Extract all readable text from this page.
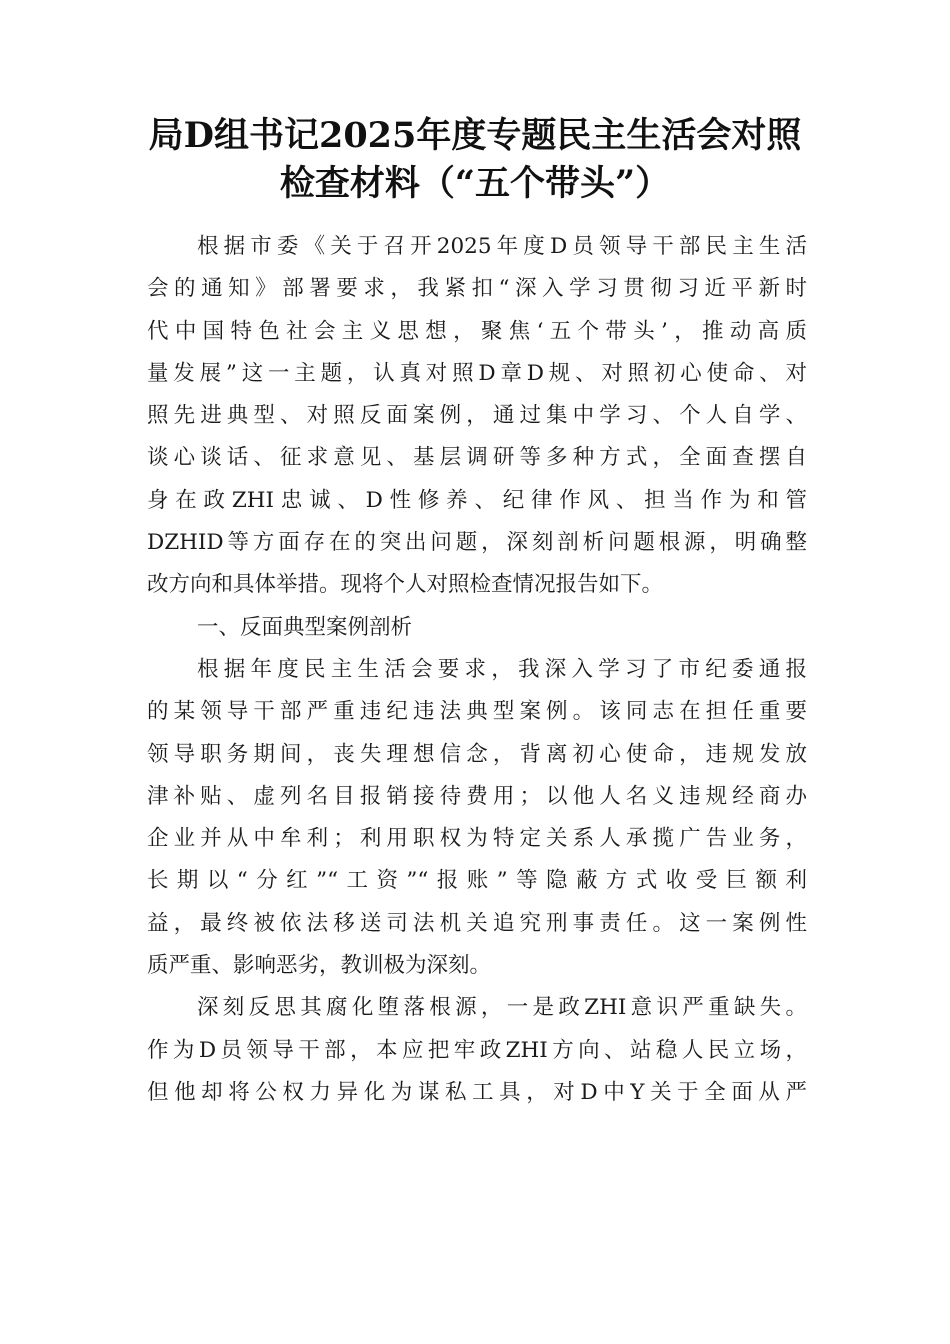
局D组书记2025年度专题民主生活会对照
检查材料（“五个带头”）
根据市委《关于召开2025年度D员领导干部民主生活
会的通知》部署要求，我紧扣“深入学习贯彻习近平新时
代中国特色社会主义思想，聚焦‘五个带头’，推动高质
量发展”这一主题，认真对照D章D规、对照初心使命、对
照先进典型、对照反面案例，通过集中学习、个人自学、
谈心谈话、征求意见、基层调研等多种方式，全面查摆自
身在政ZHI忠诚、D性修养、纪律作风、担当作为和管
DZHID等方面存在的突出问题，深刻剖析问题根源，明确整
改方向和具体举措。现将个人对照检查情况报告如下。
一、反面典型案例剖析
根据年度民主生活会要求，我深入学习了市纪委通报
的某领导干部严重违纪违法典型案例。该同志在担任重要
领导职务期间，丧失理想信念，背离初心使命，违规发放
津补贴、虚列名目报销接待费用；以他人名义违规经商办
企业并从中牟利；利用职权为特定关系人承揽广告业务，
长期以“分红”“工资”“报账”等隐蔽方式收受巨额利
益，最终被依法移送司法机关追究刑事责任。这一案例性
质严重、影响恶劣，教训极为深刻。
深刻反思其腐化堕落根源，一是政ZHI意识严重缺失。
作为D员领导干部，本应把牢政ZHI方向、站稳人民立场，
但他却将公权力异化为谋私工具，对D中Y关于全面从严
